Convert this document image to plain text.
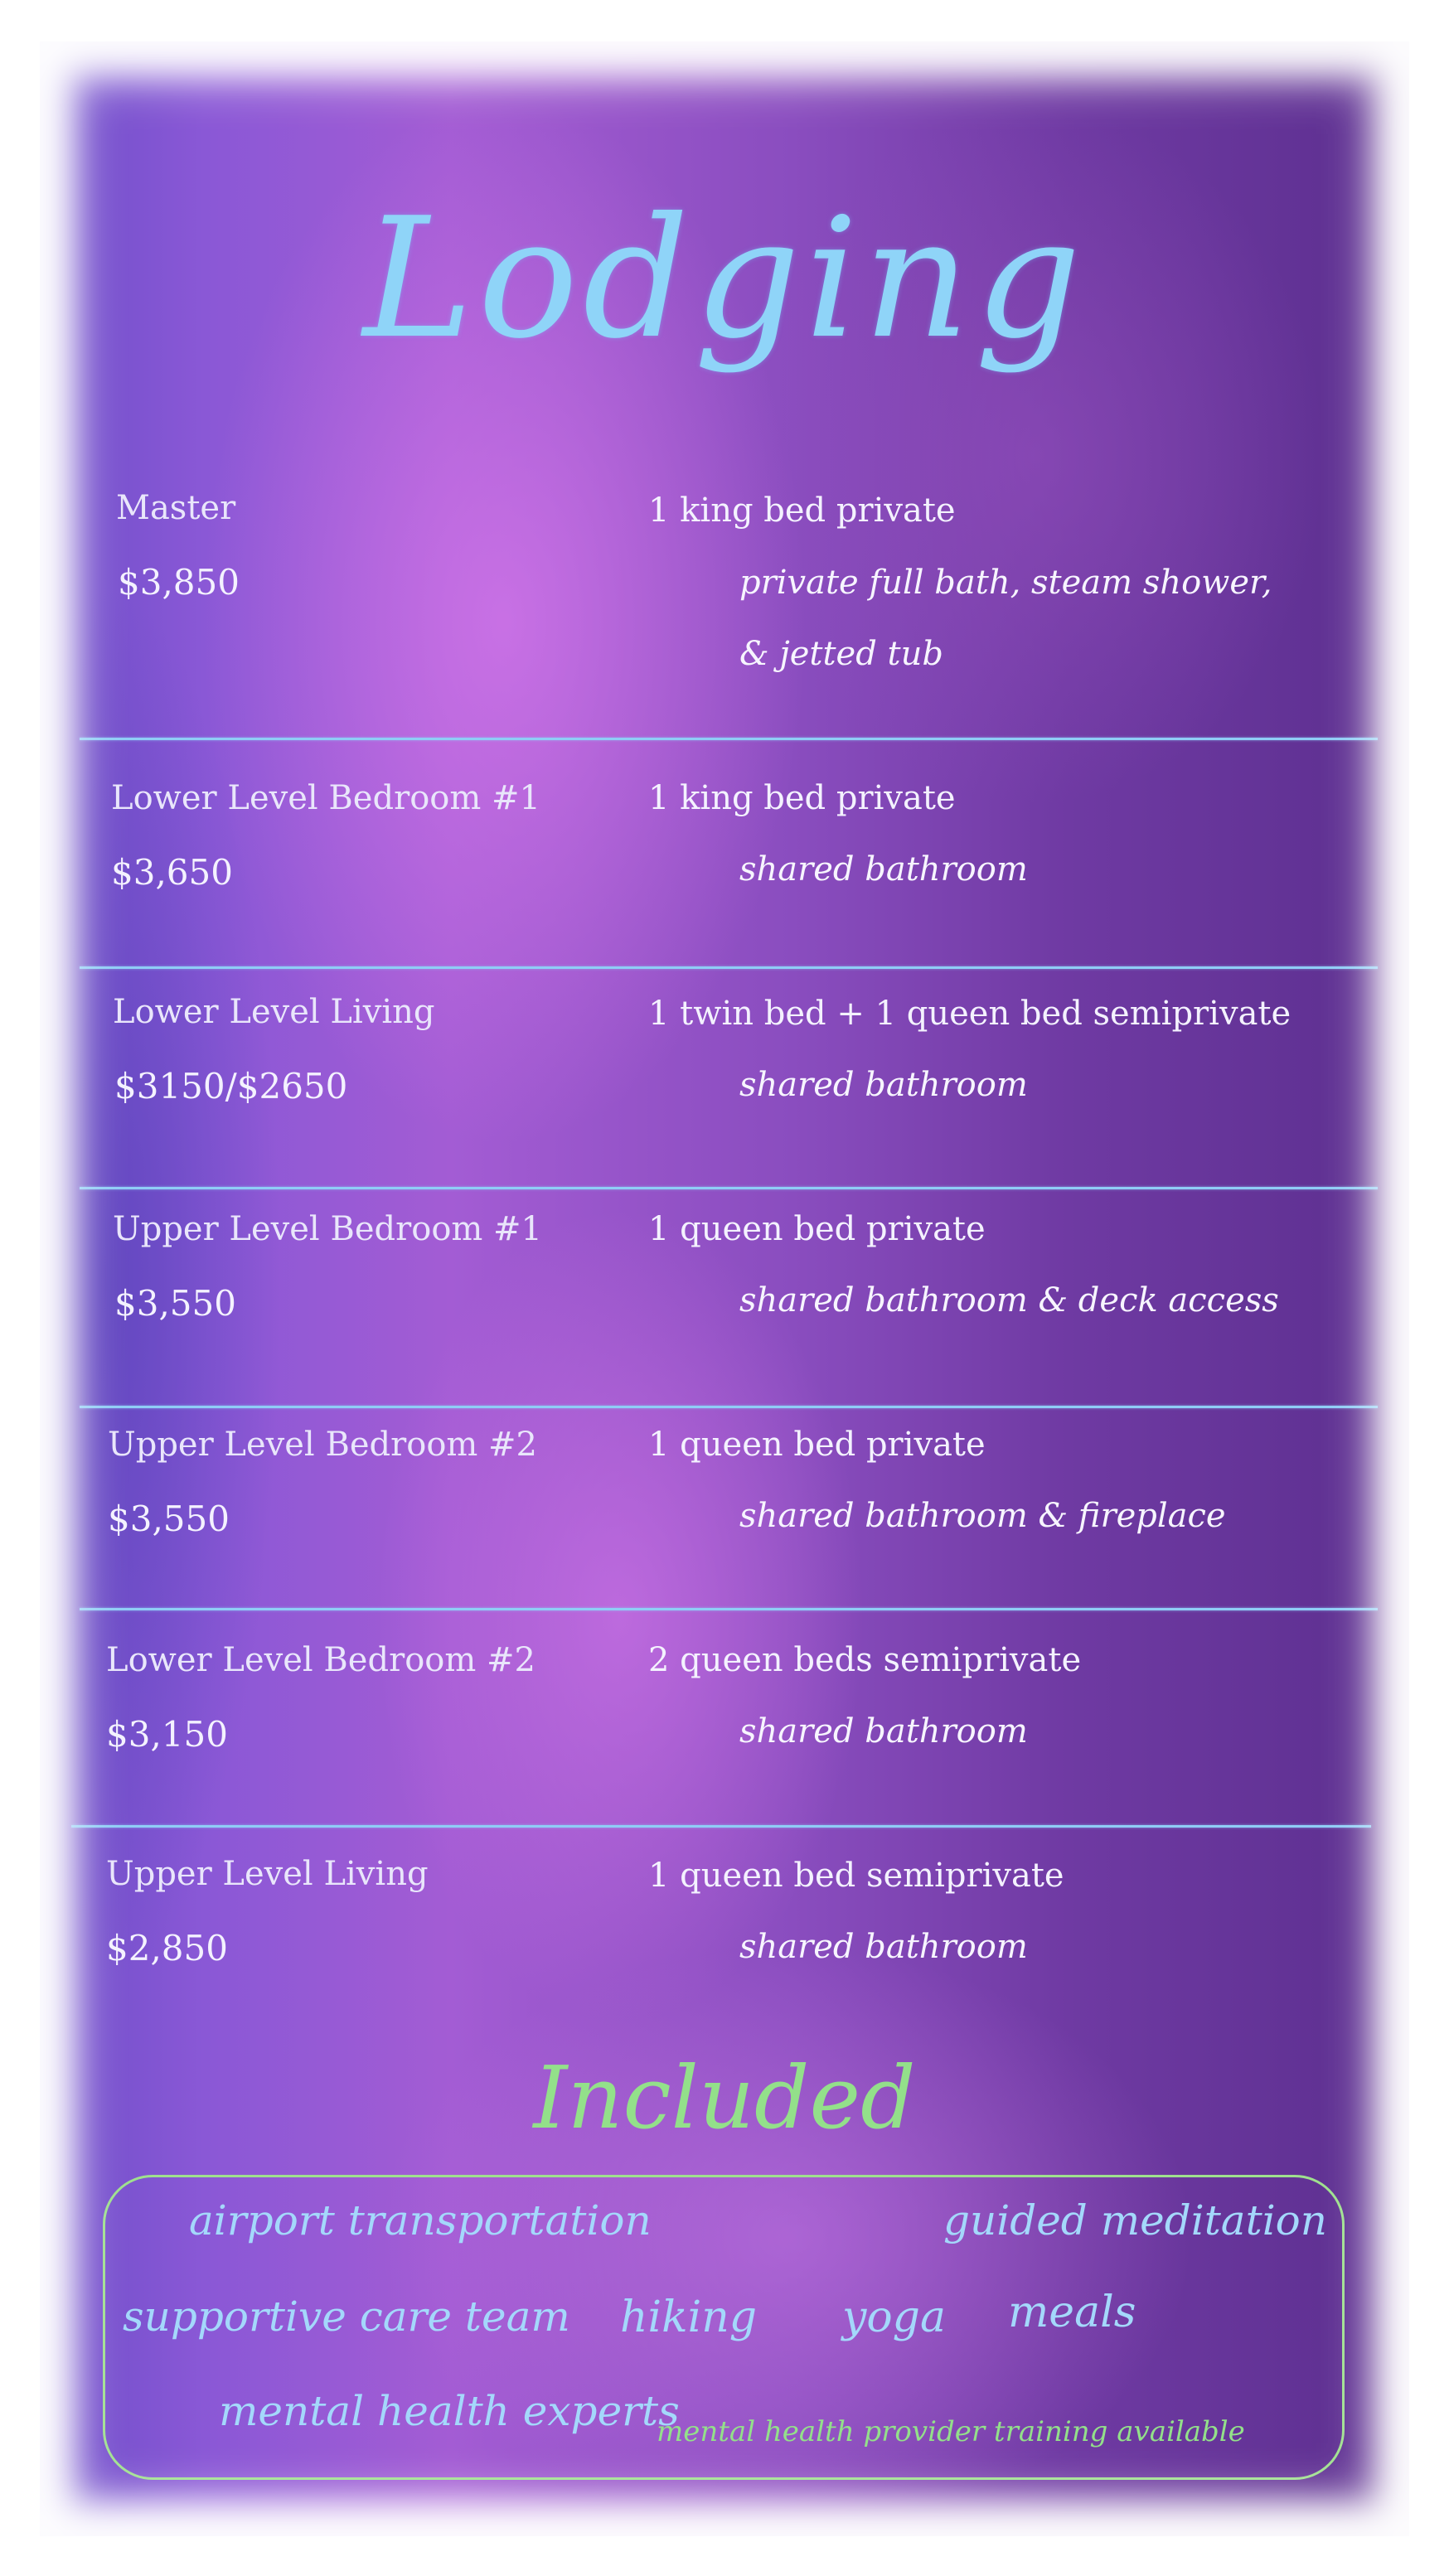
Lodging
Master
$3,850
1 king bed private
private full bath, steam shower,
& jetted tub
Lower Level Bedroom #1
$3,650
1 king bed private
shared bathroom
Lower Level Living
$3150/$2650
1 twin bed + 1 queen bed semiprivate
shared bathroom
Upper Level Bedroom #1
$3,550
1 queen bed private
shared bathroom & deck access
Upper Level Bedroom #2
$3,550
1 queen bed private
shared bathroom & fireplace
Lower Level Bedroom #2
$3,150
2 queen beds semiprivate
shared bathroom
Upper Level Living
$2,850
1 queen bed semiprivate
shared bathroom
Included
airport transportation	guided meditation
supportive care team hiking yoga meals
mental health experts
mental health provider training available
